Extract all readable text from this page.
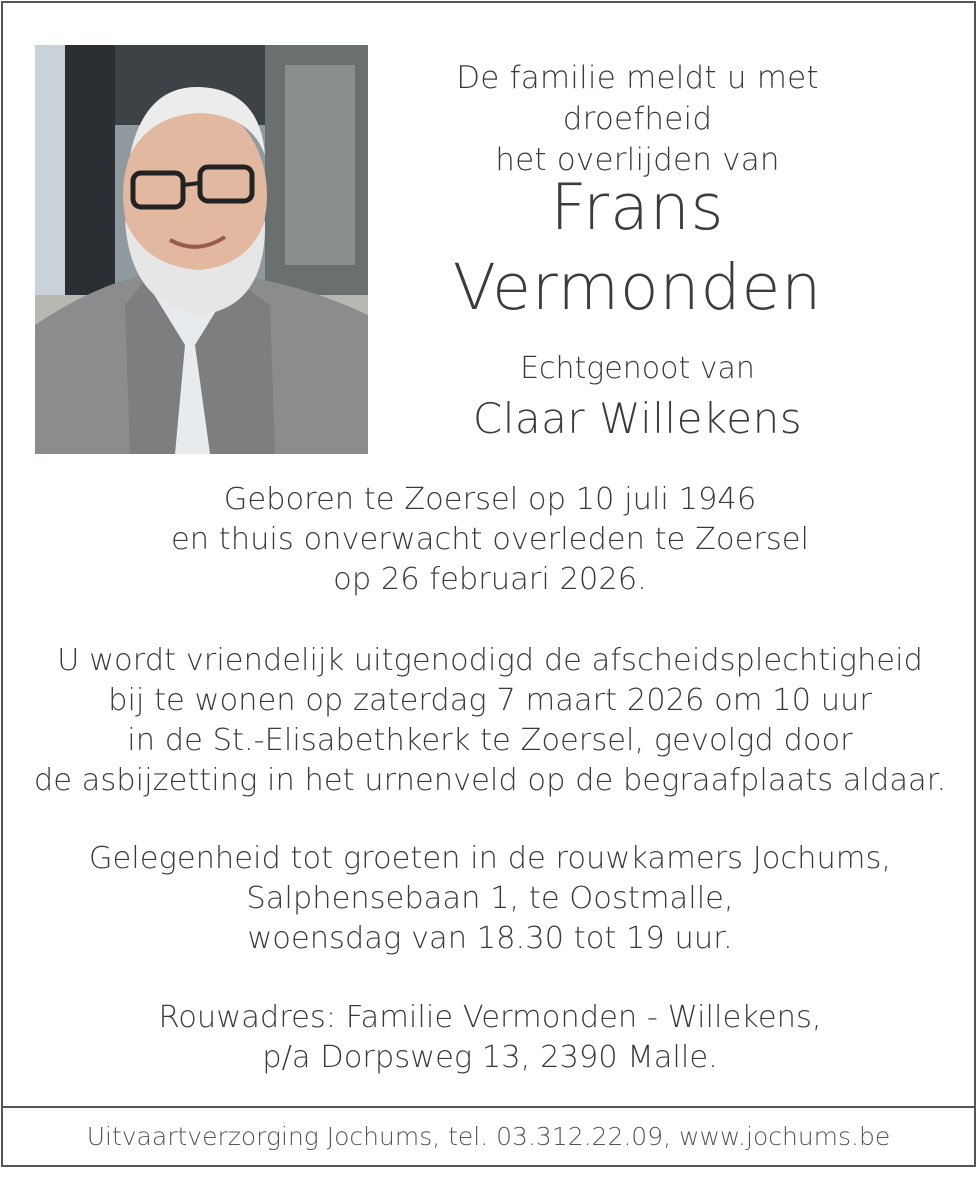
De familie meldt u met droefheid
het overlijden van
Frans
Vermonden
Echtgenoot van
Claar Willekens
Geboren te Zoersel op 10 juli 1946
en thuis onverwacht overleden te Zoersel
op 26 februari 2026.
U wordt vriendelijk uitgenodigd de afscheidsplechtigheid
bij te wonen op zaterdag 7 maart 2026 om 10 uur
in de St.-Elisabethkerk te Zoersel, gevolgd door
de asbijzetting in het urnenveld op de begraafplaats aldaar.
Gelegenheid tot groeten in de rouwkamers Jochums,
Salphensebaan 1, te Oostmalle,
woensdag van 18.30 tot 19 uur.
Rouwadres: Familie Vermonden - Willekens,
p/a Dorpsweg 13, 2390 Malle.
Uitvaartverzorging Jochums, tel. 03.312.22.09, www.jochums.be
